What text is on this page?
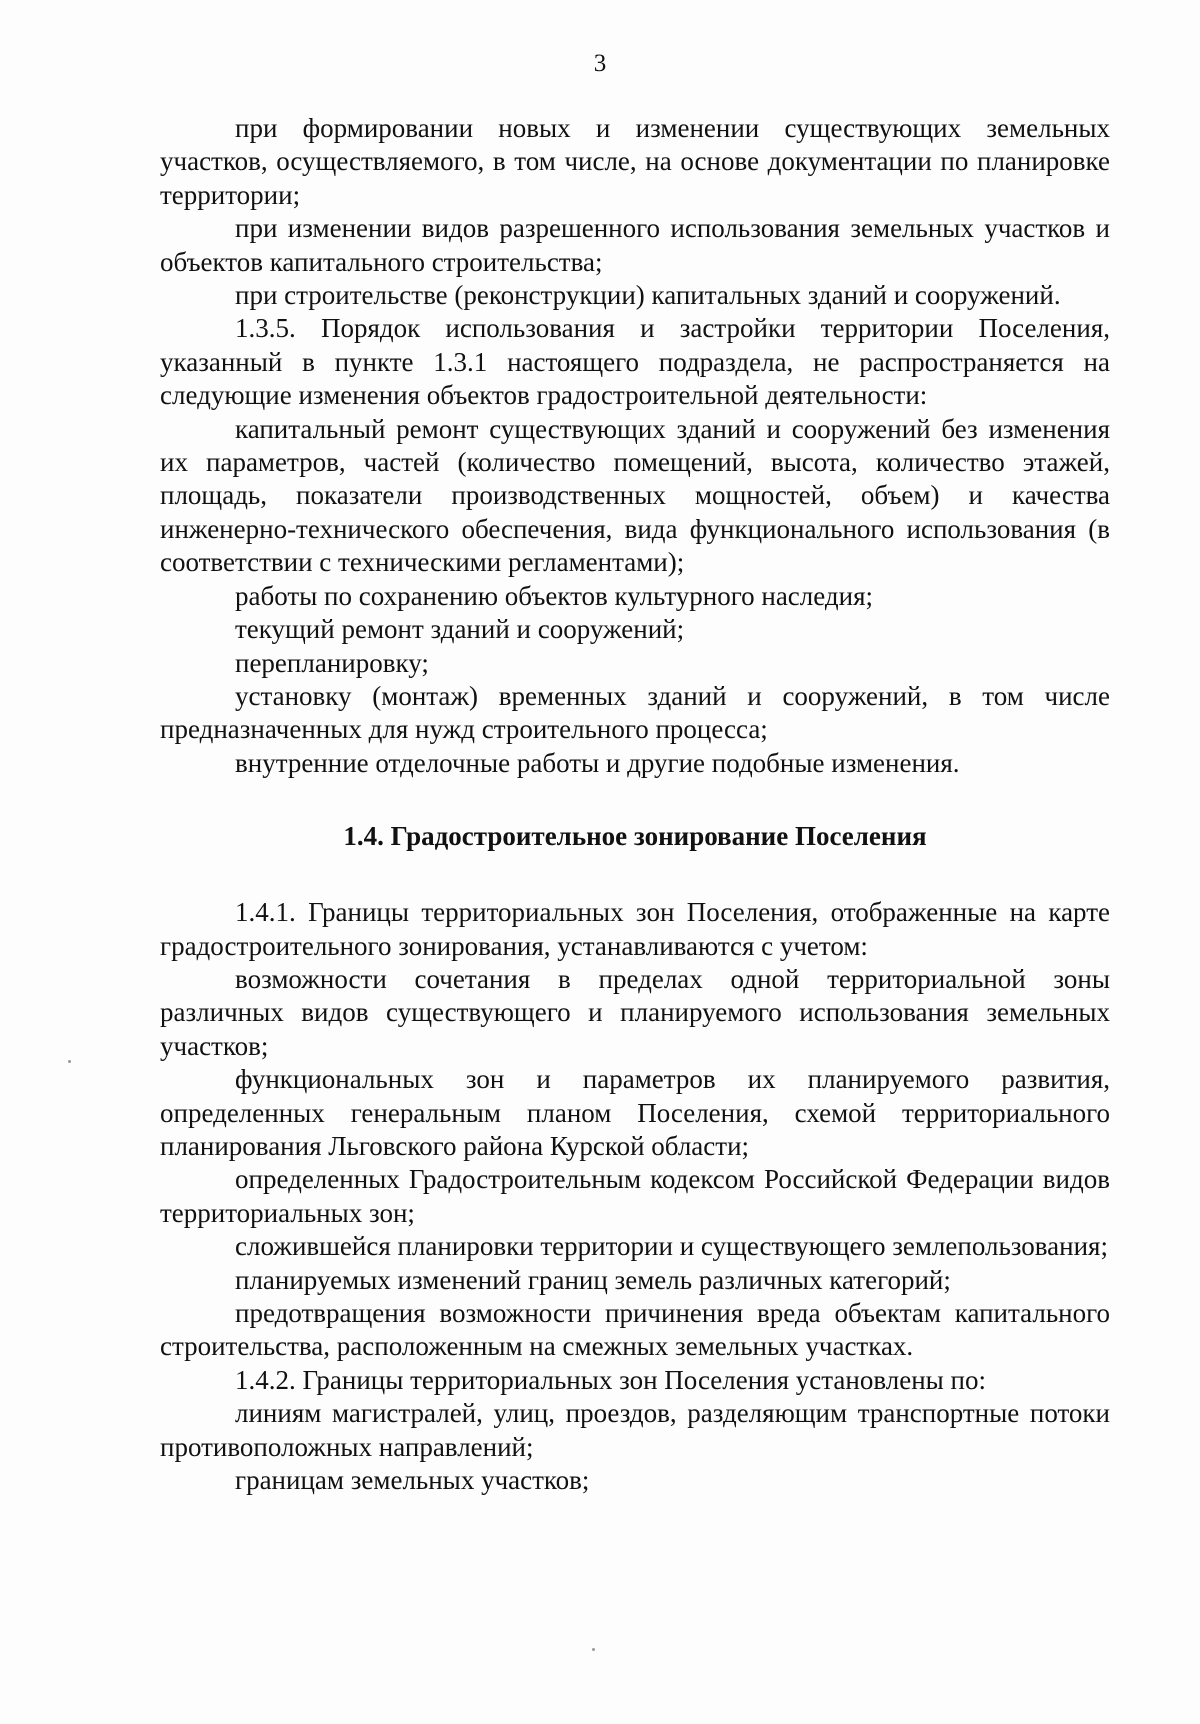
3

при формировании новых и изменении существующих земельных участков, осуществляемого, в том числе, на основе документации по планировке территории;

при изменении видов разрешенного использования земельных участков и объектов капитального строительства;

при строительстве (реконструкции) капитальных зданий и сооружений.

1.3.5. Порядок использования и застройки территории Поселения, указанный в пункте 1.3.1 настоящего подраздела, не распространяется на следующие изменения объектов градостроительной деятельности:

капитальный ремонт существующих зданий и сооружений без изменения их параметров, частей (количество помещений, высота, количество этажей, площадь, показатели производственных мощностей, объем) и качества инженерно-технического обеспечения, вида функционального использования (в соответствии с техническими регламентами);

работы по сохранению объектов культурного наследия;

текущий ремонт зданий и сооружений;

перепланировку;

установку (монтаж) временных зданий и сооружений, в том числе предназначенных для нужд строительного процесса;

внутренние отделочные работы и другие подобные изменения.

1.4. Градостроительное зонирование Поселения

1.4.1. Границы территориальных зон Поселения, отображенные на карте градостроительного зонирования, устанавливаются с учетом:

возможности сочетания в пределах одной территориальной зоны различных видов существующего и планируемого использования земельных участков;

функциональных зон и параметров их планируемого развития, определенных генеральным планом Поселения, схемой территориального планирования Льговского района Курской области;

определенных Градостроительным кодексом Российской Федерации видов территориальных зон;

сложившейся планировки территории и существующего землепользования;

планируемых изменений границ земель различных категорий;

предотвращения возможности причинения вреда объектам капитального строительства, расположенным на смежных земельных участках.

1.4.2. Границы территориальных зон Поселения установлены по:

линиям магистралей, улиц, проездов, разделяющим транспортные потоки противоположных направлений;

границам земельных участков;
